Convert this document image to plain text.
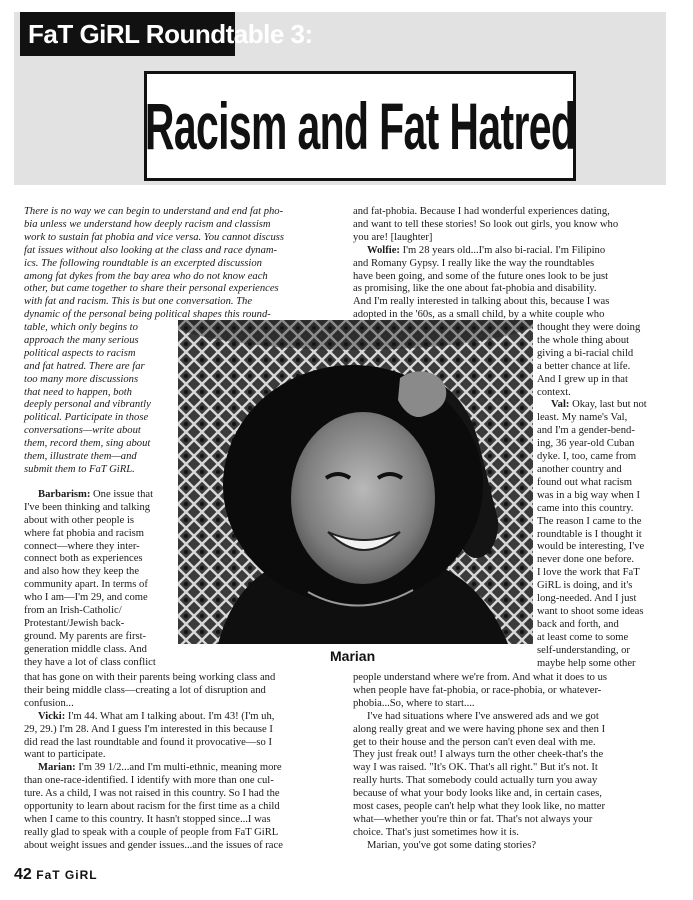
FaT GiRL Roundtable 3:
Racism and Fat Hatred
There is no way we can begin to understand and end fat pho-
bia unless we understand how deeply racism and classism
work to sustain fat phobia and vice versa. You cannot discuss
fat issues without also looking at the class and race dynam-
ics. The following roundtable is an excerpted discussion
among fat dykes from the bay area who do not know each
other, but came together to share their personal experiences
with fat and racism. This is but one conversation. The
dynamic of the personal being political shapes this round-
table, which only begins to
approach the many serious
political aspects to racism
and fat hatred. There are far
too many more discussions
that need to happen, both
deeply personal and vibrantly
political. Participate in those
conversations—write about
them, record them, sing about
them, illustrate them—and
submit them to FaT GiRL.
Barbarism: One issue that
I've been thinking and talking
about with other people is
where fat phobia and racism
connect—where they inter-
connect both as experiences
and also how they keep the
community apart. In terms of
who I am—I'm 29, and come
from an Irish-Catholic/
Protestant/Jewish back-
ground. My parents are first-
generation middle class. And
they have a lot of class conflict
that has gone on with their parents being working class and
their being middle class—creating a lot of disruption and
confusion...
Vicki: I'm 44. What am I talking about. I'm 43! (I'm uh,
29, 29.) I'm 28. And I guess I'm interested in this because I
did read the last roundtable and found it provocative—so I
want to participate.
Marian: I'm 39 1/2...and I'm multi-ethnic, meaning more
than one-race-identified. I identify with more than one cul-
ture. As a child, I was not raised in this country. So I had the
opportunity to learn about racism for the first time as a child
when I came to this country. It hasn't stopped since...I was
really glad to speak with a couple of people from FaT GiRL
about weight issues and gender issues...and the issues of race
and fat-phobia. Because I had wonderful experiences dating,
and want to tell these stories! So look out girls, you know who
you are! [laughter]
Wolfie: I'm 28 years old...I'm also bi-racial. I'm Filipino
and Romany Gypsy. I really like the way the roundtables
have been going, and some of the future ones look to be just
as promising, like the one about fat-phobia and disability.
And I'm really interested in talking about this, because I was
adopted in the '60s, as a small child, by a white couple who
thought they were doing
the whole thing about
giving a bi-racial child
a better chance at life.
And I grew up in that
context.
Val: Okay, last but not
least. My name's Val,
and I'm a gender-bend-
ing, 36 year-old Cuban
dyke. I, too, came from
another country and
found out what racism
was in a big way when I
came into this country.
The reason I came to the
roundtable is I thought it
would be interesting, I've
never done one before.
I love the work that FaT
GiRL is doing, and it's
long-needed. And I just
want to shoot some ideas
back and forth, and
at least come to some
self-understanding, or
maybe help some other
people understand where we're from. And what it does to us
when people have fat-phobia, or race-phobia, or whatever-
phobia...So, where to start....
I've had situations where I've answered ads and we got
along really great and we were having phone sex and then I
get to their house and the person can't even deal with me.
They just freak out! I always turn the other cheek-that's the
way I was raised. "It's OK. That's all right." But it's not. It
really hurts. That somebody could actually turn you away
because of what your body looks like and, in certain cases,
most cases, people can't help what they look like, no matter
what—whether you're thin or fat. That's not always your
choice. That's just sometimes how it is.
Marian, you've got some dating stories?
Marian
42 FaT GiRL
